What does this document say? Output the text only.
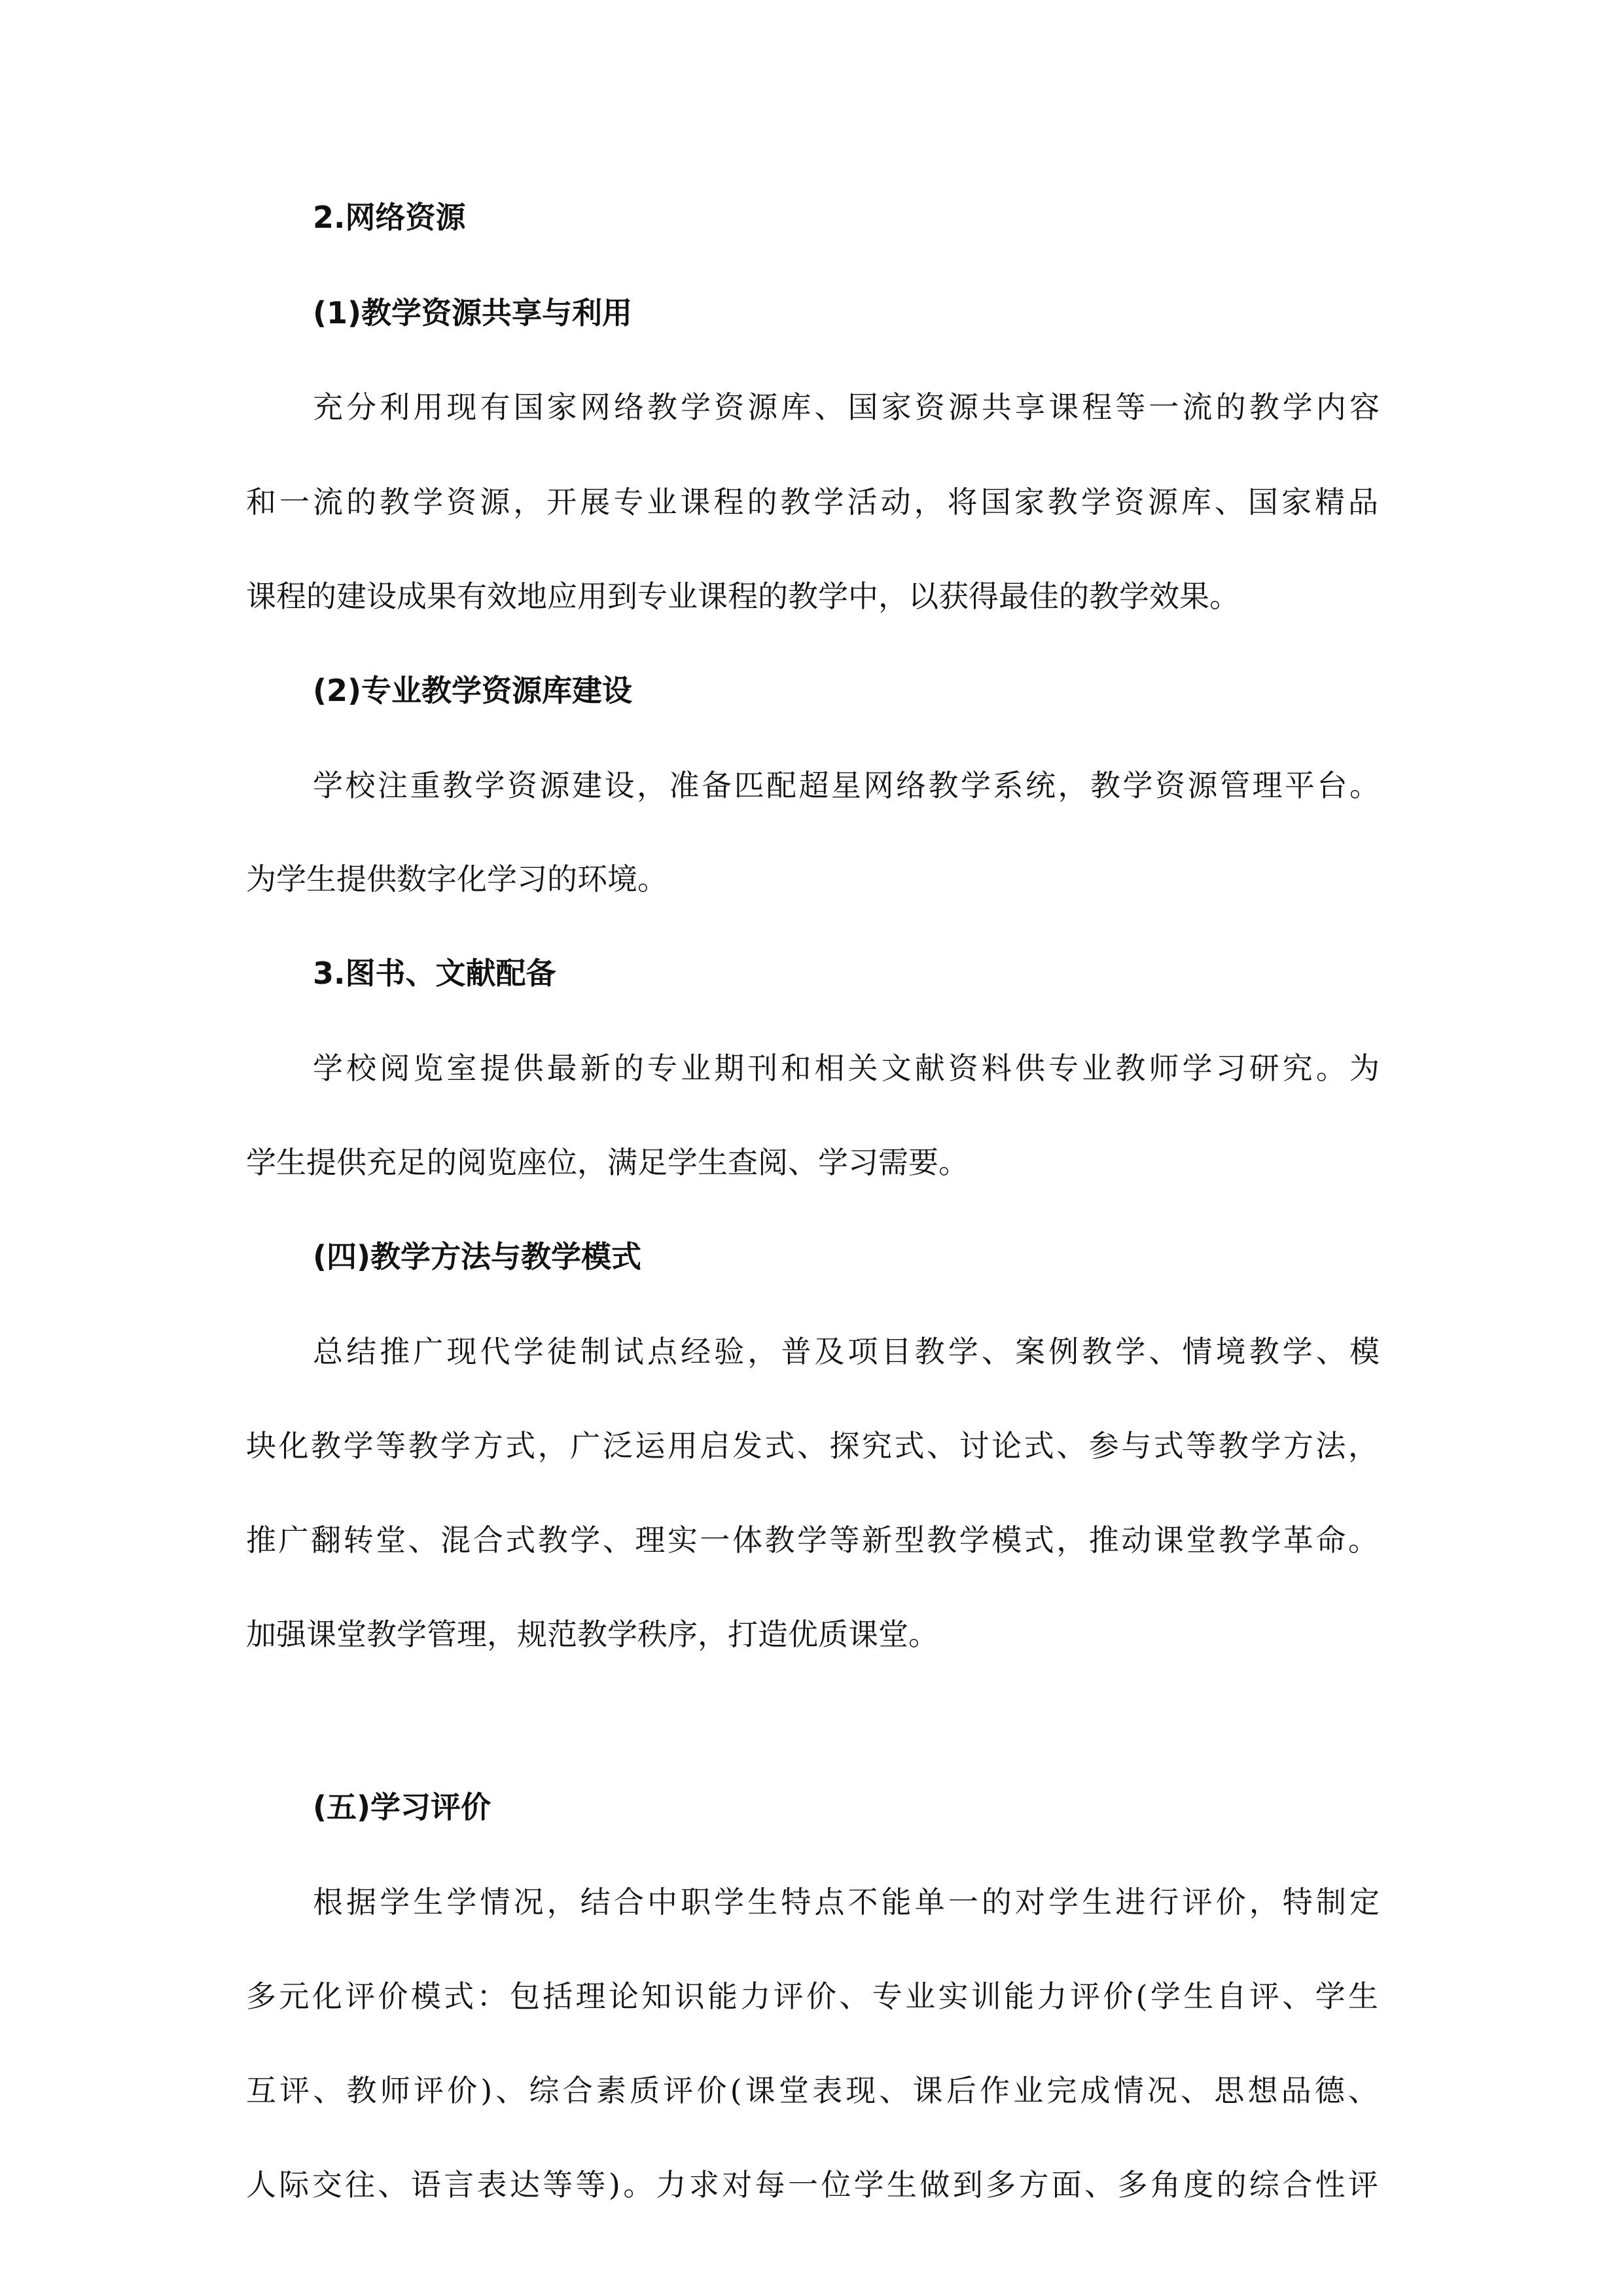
2.网络资源

(1)教学资源共享与利用

充分利用现有国家网络教学资源库、国家资源共享课程等一流的教学内容

和一流的教学资源，开展专业课程的教学活动，将国家教学资源库、国家精品

课程的建设成果有效地应用到专业课程的教学中，以获得最佳的教学效果。

(2)专业教学资源库建设

学校注重教学资源建设，准备匹配超星网络教学系统，教学资源管理平台。

为学生提供数字化学习的环境。

3.图书、文献配备

学校阅览室提供最新的专业期刊和相关文献资料供专业教师学习研究。为

学生提供充足的阅览座位，满足学生查阅、学习需要。

(四)教学方法与教学模式

总结推广现代学徒制试点经验，普及项目教学、案例教学、情境教学、模

块化教学等教学方式，广泛运用启发式、探究式、讨论式、参与式等教学方法，

推广翻转堂、混合式教学、理实一体教学等新型教学模式，推动课堂教学革命。

加强课堂教学管理，规范教学秩序，打造优质课堂。

(五)学习评价

根据学生学情况，结合中职学生特点不能单一的对学生进行评价，特制定

多元化评价模式：包括理论知识能力评价、专业实训能力评价(学生自评、学生

互评、教师评价)、综合素质评价(课堂表现、课后作业完成情况、思想品德、

人际交往、语言表达等等)。力求对每一位学生做到多方面、多角度的综合性评
